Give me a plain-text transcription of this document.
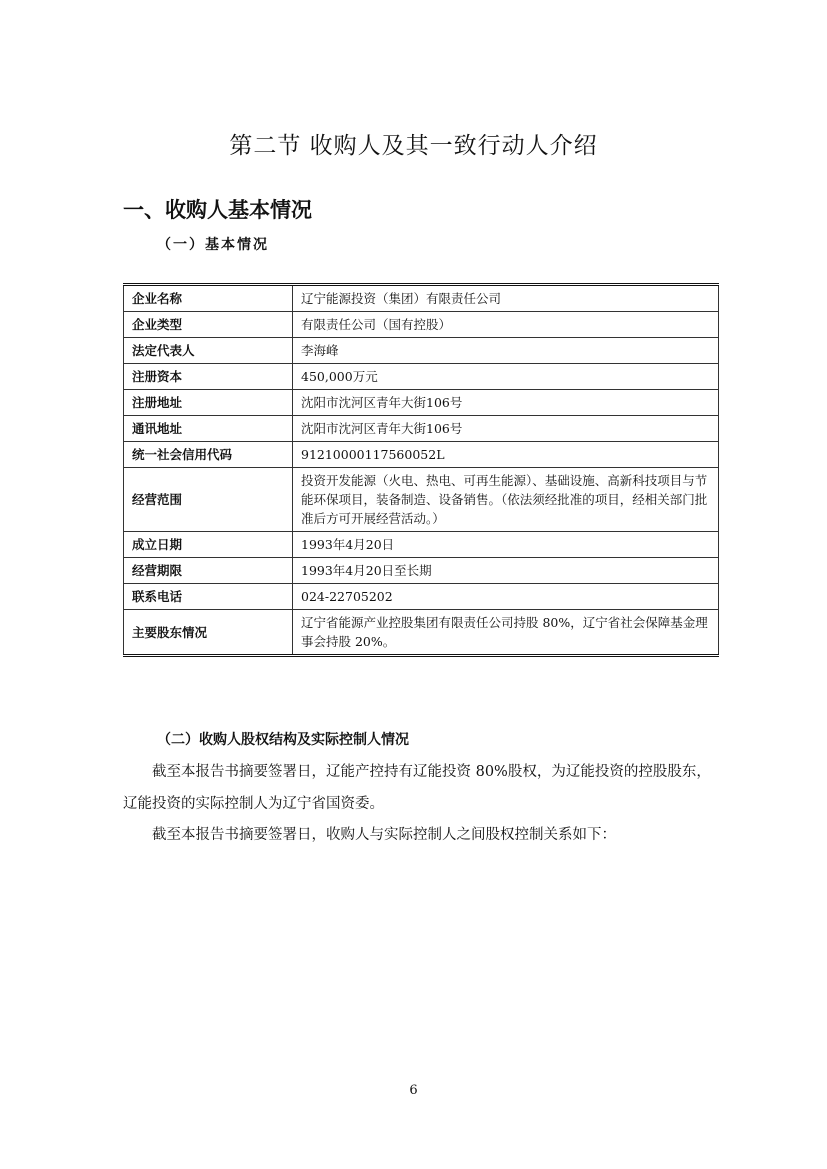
第二节 收购人及其一致行动人介绍
一、收购人基本情况
（一）基本情况
企业名称	辽宁能源投资（集团）有限责任公司
企业类型	有限责任公司（国有控股）
法定代表人	李海峰
注册资本	450,000万元
注册地址	沈阳市沈河区青年大街106号
通讯地址	沈阳市沈河区青年大街106号
统一社会信用代码	91210000117560052L
经营范围	投资开发能源（火电、热电、可再生能源）、基础设施、高新科技项目与节能环保项目，装备制造、设备销售。（依法须经批准的项目，经相关部门批准后方可开展经营活动。）
成立日期	1993年4月20日
经营期限	1993年4月20日至长期
联系电话	024-22705202
主要股东情况	辽宁省能源产业控股集团有限责任公司持股 80%，辽宁省社会保障基金理事会持股 20%。
（二）收购人股权结构及实际控制人情况
截至本报告书摘要签署日，辽能产控持有辽能投资 80%股权，为辽能投资的控股股东，辽能投资的实际控制人为辽宁省国资委。
截至本报告书摘要签署日，收购人与实际控制人之间股权控制关系如下：
6
